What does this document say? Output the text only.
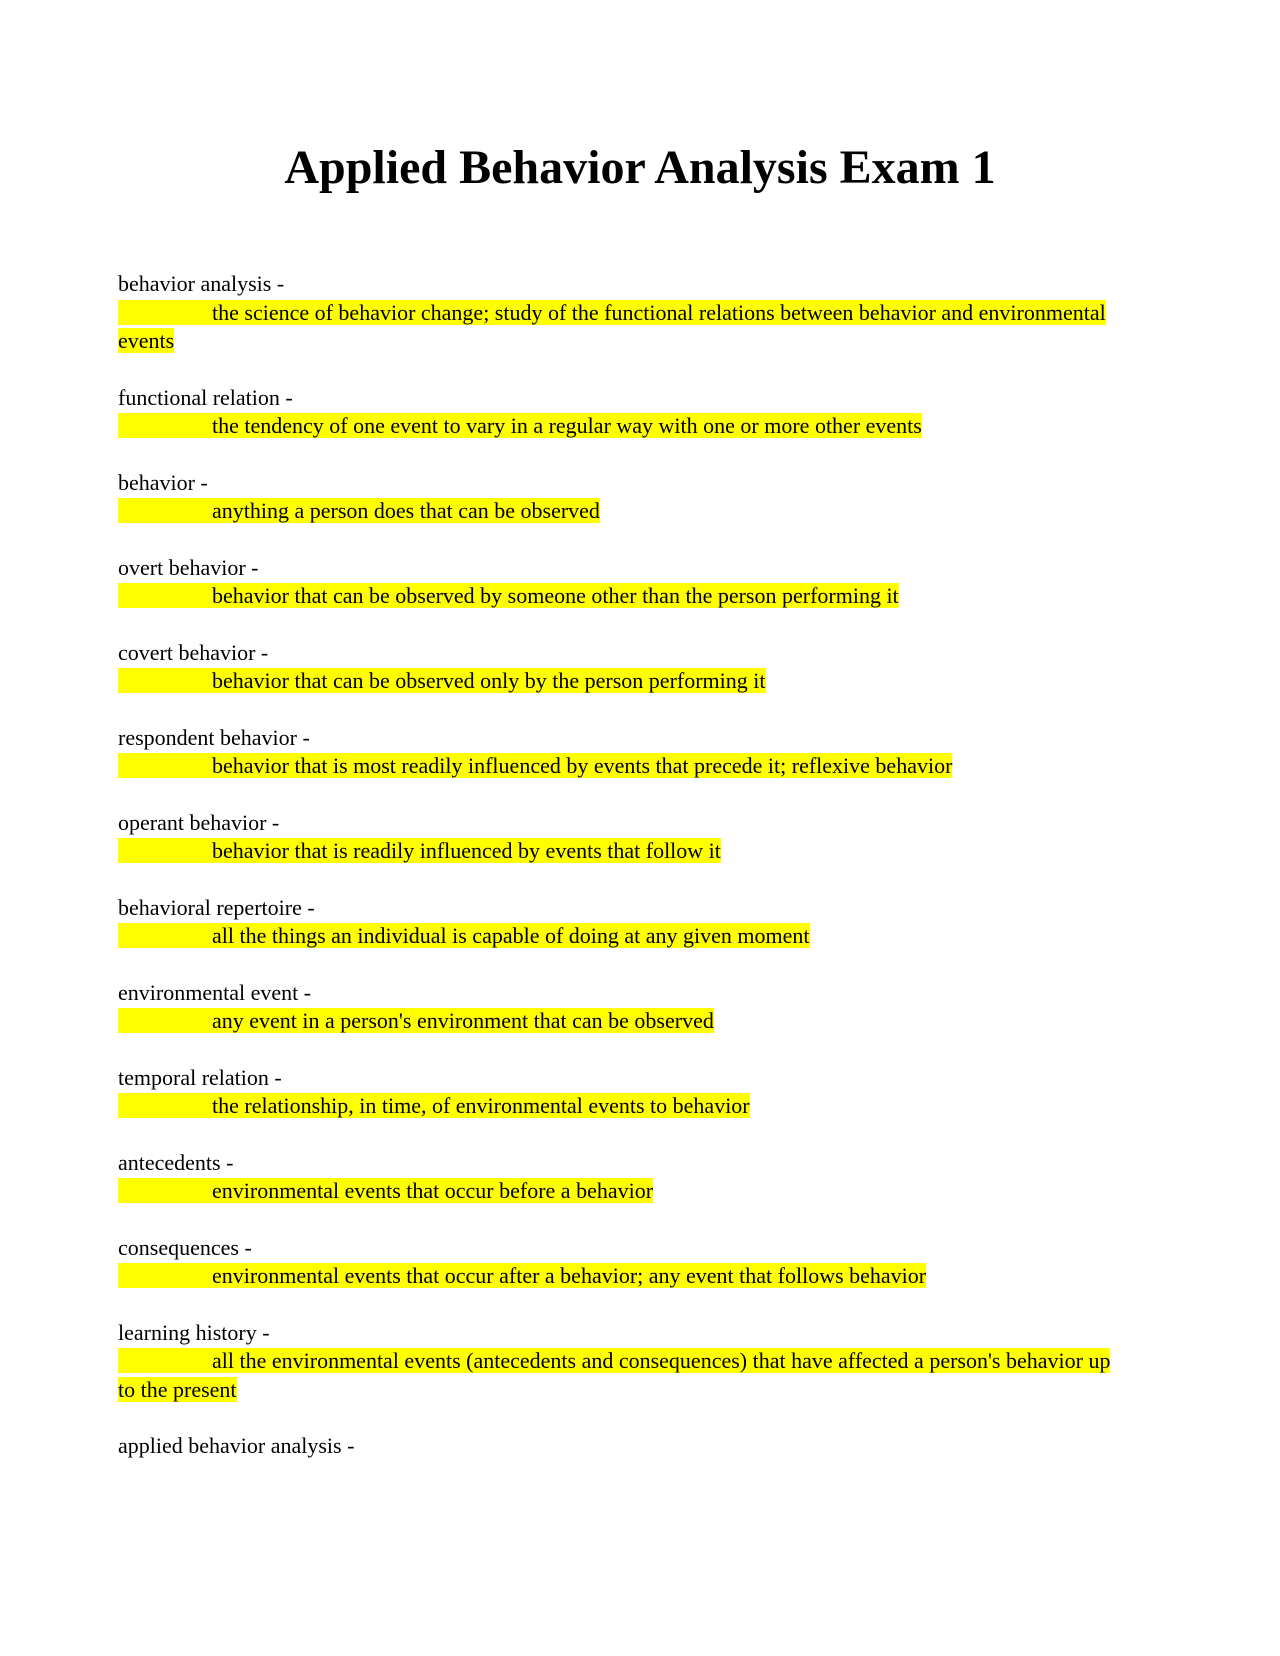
Applied Behavior Analysis Exam 1
behavior analysis -
the science of behavior change; study of the functional relations between behavior and environmental events
functional relation -
the tendency of one event to vary in a regular way with one or more other events
behavior -
anything a person does that can be observed
overt behavior -
behavior that can be observed by someone other than the person performing it
covert behavior -
behavior that can be observed only by the person performing it
respondent behavior -
behavior that is most readily influenced by events that precede it; reflexive behavior
operant behavior -
behavior that is readily influenced by events that follow it
behavioral repertoire -
all the things an individual is capable of doing at any given moment
environmental event -
any event in a person's environment that can be observed
temporal relation -
the relationship, in time, of environmental events to behavior
antecedents -
environmental events that occur before a behavior
consequences -
environmental events that occur after a behavior; any event that follows behavior
learning history -
all the environmental events (antecedents and consequences) that have affected a person's behavior up to the present
applied behavior analysis -
